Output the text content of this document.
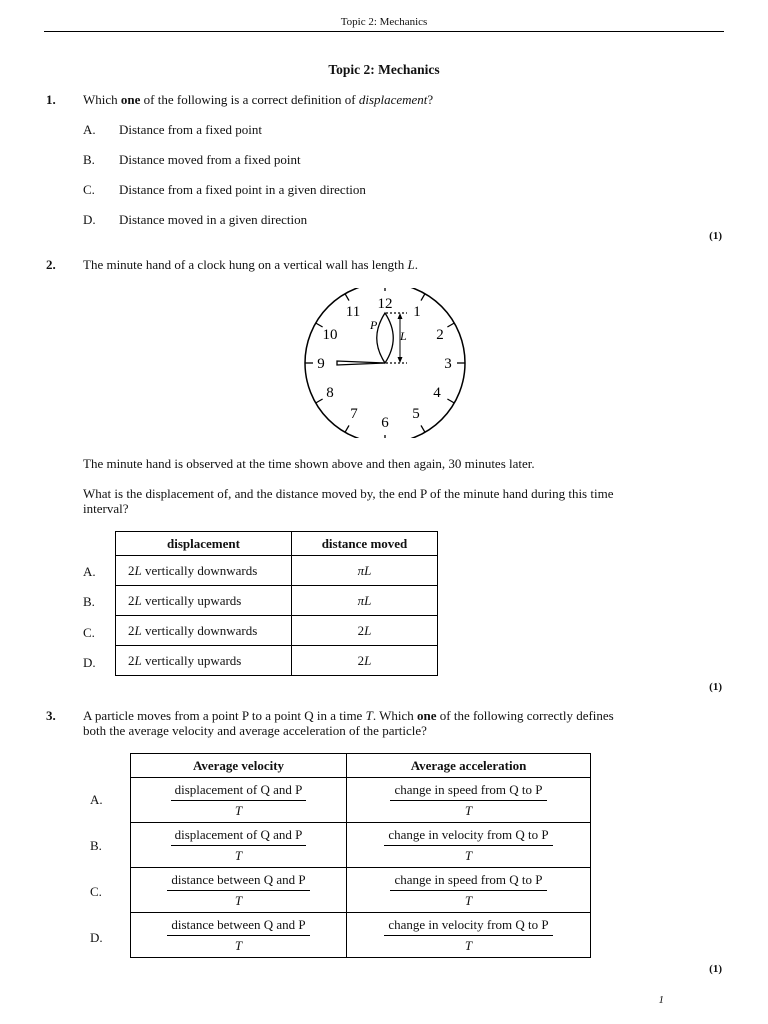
Topic 2: Mechanics
Topic 2: Mechanics
1. Which one of the following is a correct definition of displacement?
A. Distance from a fixed point
B. Distance moved from a fixed point
C. Distance from a fixed point in a given direction
D. Distance moved in a given direction
(1)
2. The minute hand of a clock hung on a vertical wall has length L.
12 1
2
3
4
5
6
7
8
9
10
11
P
L
The minute hand is observed at the time shown above and then again, 30 minutes later.
What is the displacement of, and the distance moved by, the end P of the minute hand during this time
interval?
displacement	distance moved
2L vertically downwards	πL
2L vertically upwards	πL
2L vertically downwards	2L
2L vertically upwards	2L
A.
B.
C.
D.
(1)
3. A particle moves from a point P to a point Q in a time T. Which one of the following correctly defines
both the average velocity and average acceleration of the particle?
Average velocity	Average acceleration

$\frac{\text{displacement of Q and P}}{T}$	$\frac{\text{change in speed from Q to P}}{T}$

$\frac{\text{displacement of Q and P}}{T}$	$\frac{\text{change in velocity from Q to P}}{T}$

$\frac{\text{distance between Q and P}}{T}$	$\frac{\text{change in speed from Q to P}}{T}$

$\frac{\text{distance between Q and P}}{T}$	$\frac{\text{change in velocity from Q to P}}{T}$
A.
B.
C.
D.
(1)
1
